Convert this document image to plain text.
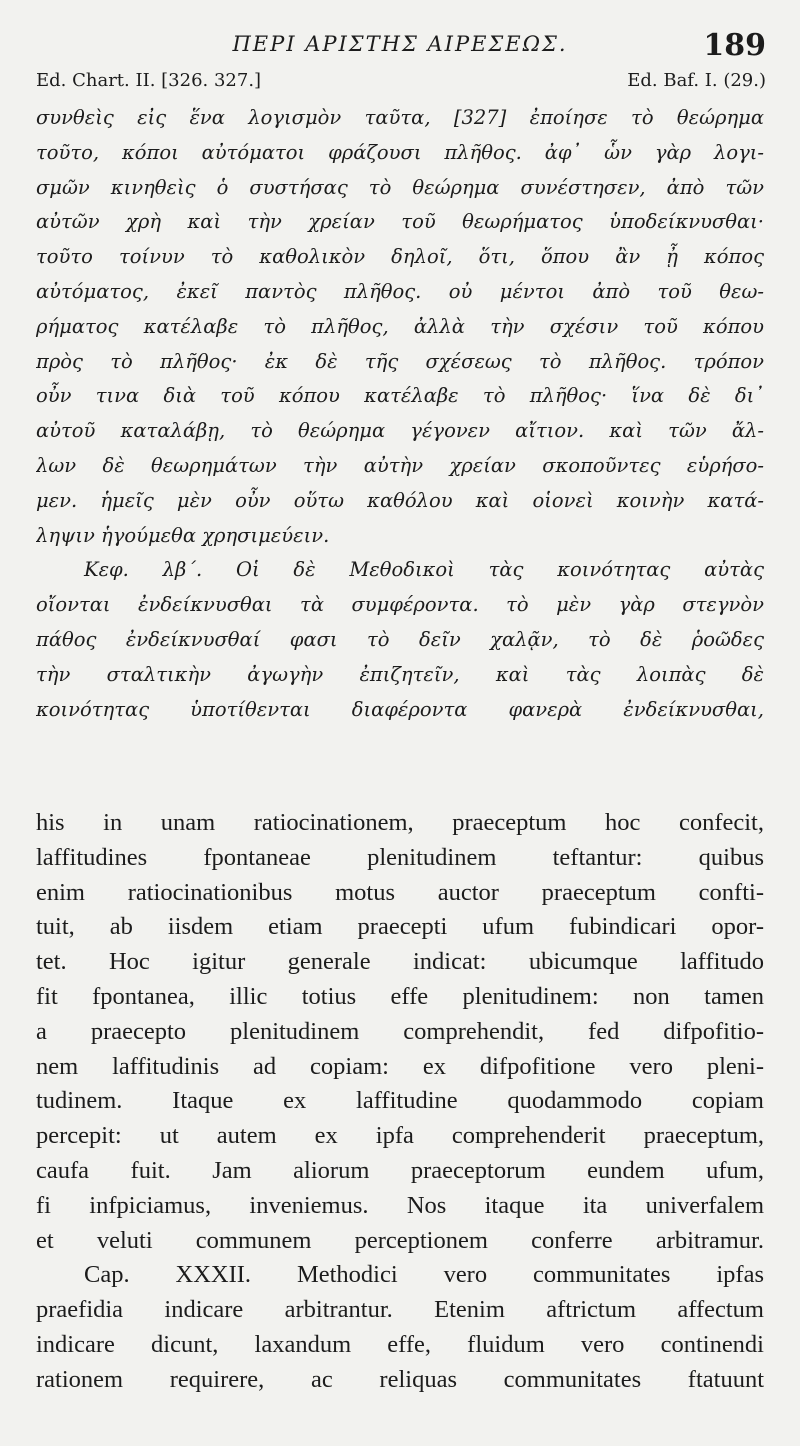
ΠΕΡΙ ΑΡΙΣΤΗΣ ΑΙΡΕΣΕΩΣ.	189
Ed. Chart. II. [326. 327.]	Ed. Baf. I. (29.)
συνθεὶς εἰς ἕνα λογισμὸν ταῦτα, [327] ἐποίησε τὸ θεώρημα
τοῦτο, κόποι αὐτόματοι φράζουσι πλῆθος. ἀφ᾽ ὧν γὰρ λογι-
σμῶν κινηθεὶς ὁ συστήσας τὸ θεώρημα συνέστησεν, ἀπὸ τῶν
αὐτῶν χρὴ καὶ τὴν χρείαν τοῦ θεωρήματος ὑποδείκνυσθαι·
τοῦτο τοίνυν τὸ καθολικὸν δηλοῖ, ὅτι, ὅπου ἂν ᾖ κόπος
αὐτόματος, ἐκεῖ παντὸς πλῆθος. οὐ μέντοι ἀπὸ τοῦ θεω-
ρήματος κατέλαβε τὸ πλῆθος, ἀλλὰ τὴν σχέσιν τοῦ κόπου
πρὸς τὸ πλῆθος· ἐκ δὲ τῆς σχέσεως τὸ πλῆθος. τρόπον
οὖν τινα διὰ τοῦ κόπου κατέλαβε τὸ πλῆθος· ἵνα δὲ δι᾽
αὐτοῦ καταλάβῃ, τὸ θεώρημα γέγονεν αἴτιον. καὶ τῶν ἄλ-
λων δὲ θεωρημάτων τὴν αὐτὴν χρείαν σκοποῦντες εὑρήσο-
μεν. ἡμεῖς μὲν οὖν οὕτω καθόλου καὶ οἱονεὶ κοινὴν κατά-
ληψιν ἡγούμεθα χρησιμεύειν.
Κεφ. λβ΄. Οἱ δὲ Μεθοδικοὶ τὰς κοινότητας αὐτὰς
οἴονται ἐνδείκνυσθαι τὰ συμφέροντα. τὸ μὲν γὰρ στεγνὸν
πάθος ἐνδείκνυσθαί φασι τὸ δεῖν χαλᾷν, τὸ δὲ ῥοῶδες
τὴν σταλτικὴν ἀγωγὴν ἐπιζητεῖν, καὶ τὰς λοιπὰς δὲ
κοινότητας ὑποτίθενται διαφέροντα φανερὰ ἐνδείκνυσθαι,
his in unam ratiocinationem, praeceptum hoc confecit,
laffitudines fpontaneae plenitudinem teftantur: quibus
enim ratiocinationibus motus auctor praeceptum confti-
tuit, ab iisdem etiam praecepti ufum fubindicari opor-
tet. Hoc igitur generale indicat: ubicumque laffitudo
fit fpontanea, illic totius effe plenitudinem: non tamen
a praecepto plenitudinem comprehendit, fed difpofitio-
nem laffitudinis ad copiam: ex difpofitione vero pleni-
tudinem. Itaque ex laffitudine quodammodo copiam
percepit: ut autem ex ipfa comprehenderit praeceptum,
caufa fuit. Jam aliorum praeceptorum eundem ufum,
fi infpiciamus, inveniemus. Nos itaque ita univerfalem
et veluti communem perceptionem conferre arbitramur.
Cap. XXXII. Methodici vero communitates ipfas
praefidia indicare arbitrantur. Etenim aftrictum affectum
indicare dicunt, laxandum effe, fluidum vero continendi
rationem requirere, ac reliquas communitates ftatuunt
